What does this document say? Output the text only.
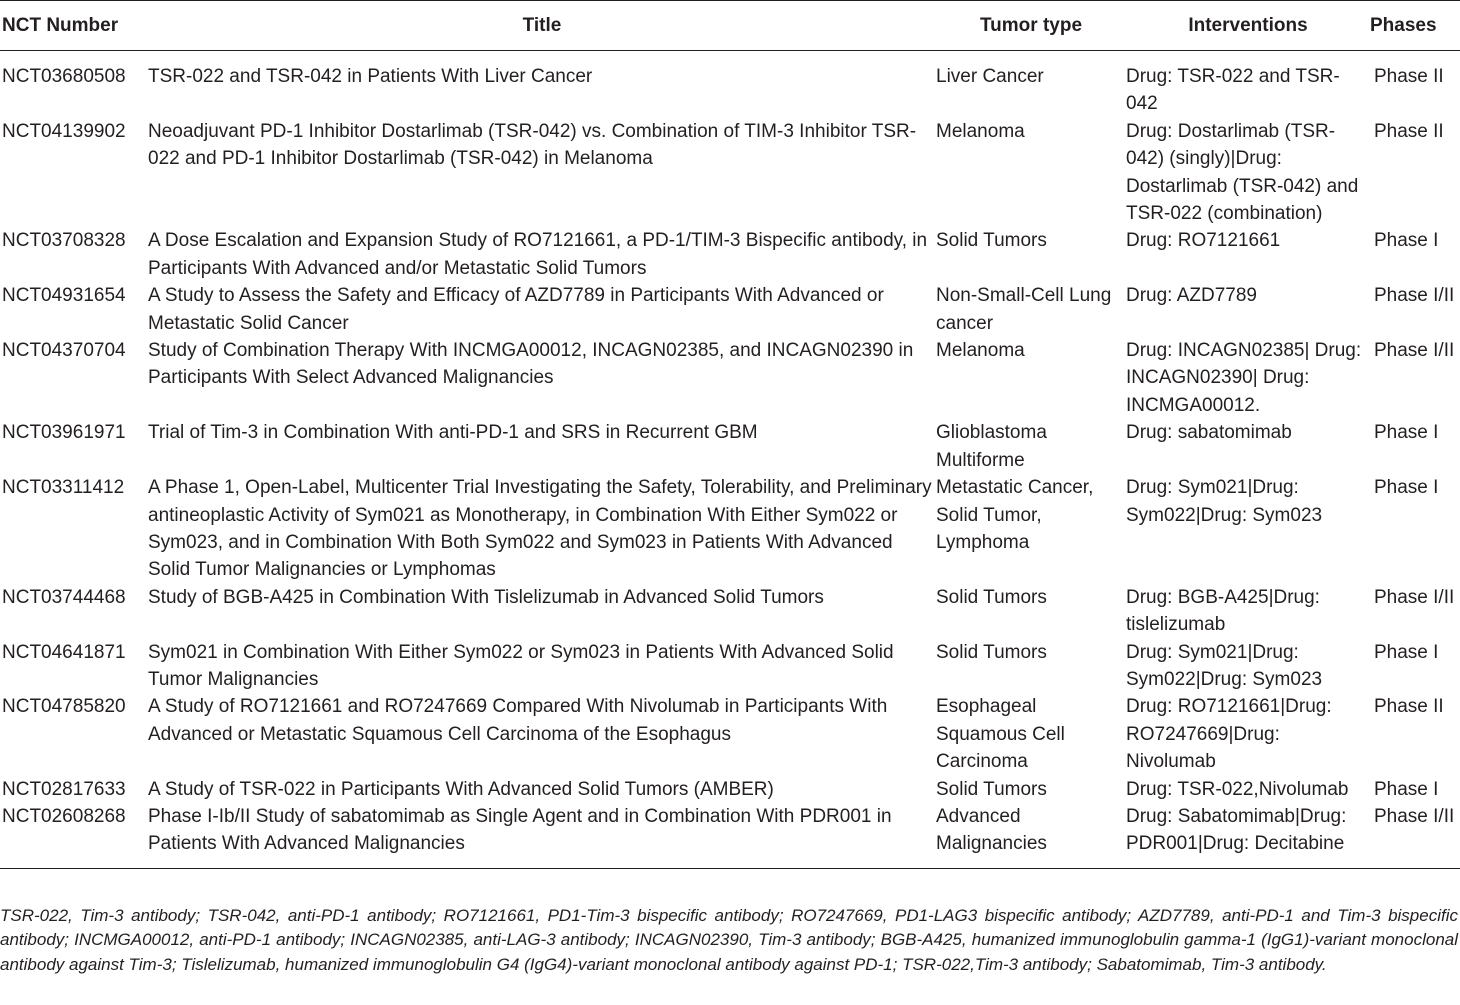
NCT Number	Title	Tumor type	Interventions	Phases
NCT03680508	TSR-022 and TSR-042 in Patients With Liver Cancer	Liver Cancer	Drug: TSR-022 and TSR-042	Phase II
NCT04139902	Neoadjuvant PD-1 Inhibitor Dostarlimab (TSR-042) vs. Combination of TIM-3 Inhibitor TSR-022 and PD-1 Inhibitor Dostarlimab (TSR-042) in Melanoma	Melanoma	Drug: Dostarlimab (TSR-042) (singly)|Drug: Dostarlimab (TSR-042) and TSR-022 (combination)	Phase II
NCT03708328	A Dose Escalation and Expansion Study of RO7121661, a PD-1/TIM-3 Bispecific antibody, in Participants With Advanced and/or Metastatic Solid Tumors	Solid Tumors	Drug: RO7121661	Phase I
NCT04931654	A Study to Assess the Safety and Efficacy of AZD7789 in Participants With Advanced or Metastatic Solid Cancer	Non-Small-Cell Lung cancer	Drug: AZD7789	Phase I/II
NCT04370704	Study of Combination Therapy With INCMGA00012, INCAGN02385, and INCAGN02390 in Participants With Select Advanced Malignancies	Melanoma	Drug: INCAGN02385| Drug: INCAGN02390| Drug: INCMGA00012.	Phase I/II
NCT03961971	Trial of Tim-3 in Combination With anti-PD-1 and SRS in Recurrent GBM	Glioblastoma Multiforme	Drug: sabatomimab	Phase I
NCT03311412	A Phase 1, Open-Label, Multicenter Trial Investigating the Safety, Tolerability, and Preliminary antineoplastic Activity of Sym021 as Monotherapy, in Combination With Either Sym022 or Sym023, and in Combination With Both Sym022 and Sym023 in Patients With Advanced Solid Tumor Malignancies or Lymphomas	Metastatic Cancer, Solid Tumor, Lymphoma	Drug: Sym021|Drug: Sym022|Drug: Sym023	Phase I
NCT03744468	Study of BGB-A425 in Combination With Tislelizumab in Advanced Solid Tumors	Solid Tumors	Drug: BGB-A425|Drug: tislelizumab	Phase I/II
NCT04641871	Sym021 in Combination With Either Sym022 or Sym023 in Patients With Advanced Solid Tumor Malignancies	Solid Tumors	Drug: Sym021|Drug: Sym022|Drug: Sym023	Phase I
NCT04785820	A Study of RO7121661 and RO7247669 Compared With Nivolumab in Participants With Advanced or Metastatic Squamous Cell Carcinoma of the Esophagus	Esophageal Squamous Cell Carcinoma	Drug: RO7121661|Drug: RO7247669|Drug: Nivolumab	Phase II
NCT02817633	A Study of TSR-022 in Participants With Advanced Solid Tumors (AMBER)	Solid Tumors	Drug: TSR-022,Nivolumab	Phase I
NCT02608268	Phase I-Ib/II Study of sabatomimab as Single Agent and in Combination With PDR001 in Patients With Advanced Malignancies	Advanced Malignancies	Drug: Sabatomimab|Drug: PDR001|Drug: Decitabine	Phase I/II
TSR-022, Tim-3 antibody; TSR-042, anti-PD-1 antibody; RO7121661, PD1-Tim-3 bispecific antibody; RO7247669, PD1-LAG3 bispecific antibody; AZD7789, anti-PD-1 and Tim-3 bispecific antibody; INCMGA00012, anti-PD-1 antibody; INCAGN02385, anti-LAG-3 antibody; INCAGN02390, Tim-3 antibody; BGB-A425, humanized immunoglobulin gamma-1 (IgG1)-variant monoclonal antibody against Tim-3; Tislelizumab, humanized immunoglobulin G4 (IgG4)-variant monoclonal antibody against PD-1; TSR-022,Tim-3 antibody; Sabatomimab, Tim-3 antibody.
